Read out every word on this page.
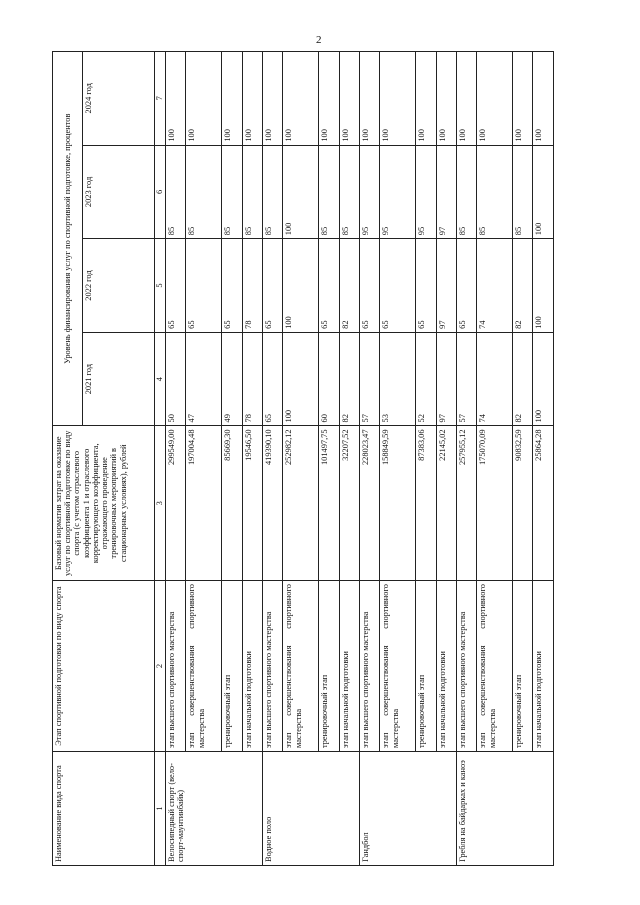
2
Наименование вида спорта	Этап спортивной подготовки по виду спорта	Базовый норматив затрат на оказание услуг по спортивной подготовке по виду спорта (с учетом отраслевого коэффициента 1 и отраслевого корректирующего коэффициента, отражающего проведение тренировочных мероприятий в стационарных условиях), рублей	Уровень финансирования услуг по спортивной подготовке, процентов			
			2021 год	2022 год	2023 год	2024 год
1	2	3	4	5	6	7
Велосипедный спорт (вело-спорт-маунтинбайк)	этап высшего спортивного мастерства	299549,00	50	65	85	100
	этап совершенствования спортивного мастерства	197004,48	47	65	85	100
	тренировочный этап	85669,30	49	65	85	100
	этап начальной подготовки	19546,50	78	78	85	100
Водное поло	этап высшего спортивного мастерства	419390,10	65	65	85	100
	этап совершенствования спортивного мастерства	252982,12	100	100	100	100
	тренировочный этап	101497,75	60	65	85	100
	этап начальной подготовки	32207,52	82	82	85	100
Гандбол	этап высшего спортивного мастерства	228023,47	57	65	95	100
	этап совершенствования спортивного мастерства	158849,59	53	65	95	100
	тренировочный этап	87383,06	52	65	95	100
	этап начальной подготовки	22145,02	97	97	97	100
Гребля на байдарках и каноэ	этап высшего спортивного мастерства	257955,12	57	65	85	100
	этап совершенствования спортивного мастерства	175070,09	74	74	85	100
	тренировочный этап	90832,59	82	82	85	100
	этап начальной подготовки	25864,28	100	100	100	100
